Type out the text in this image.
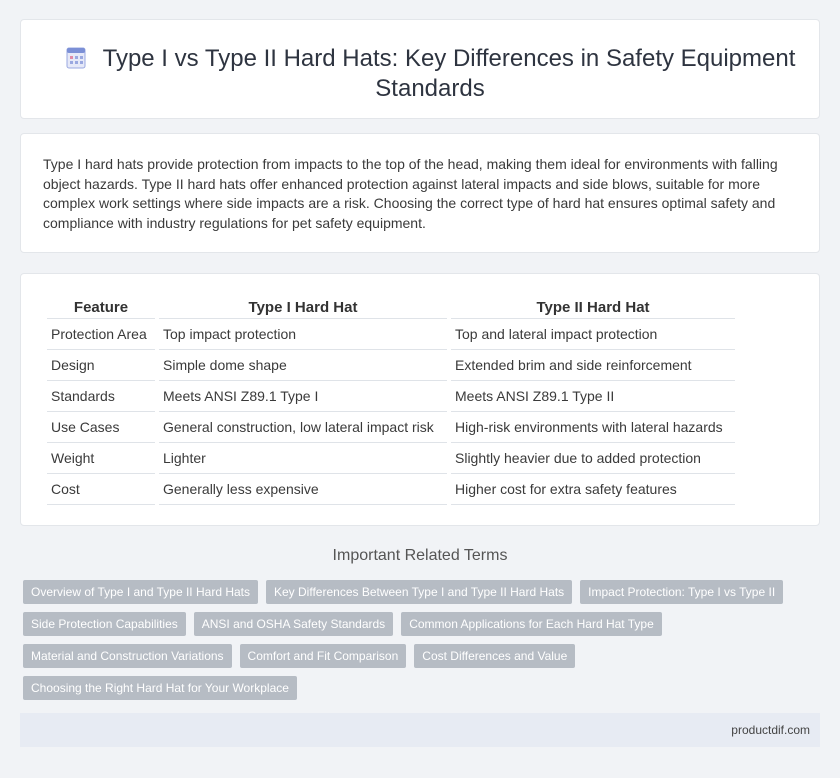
Type I vs Type II Hard Hats: Key Differences in Safety Equipment Standards

Type I hard hats provide protection from impacts to the top of the head, making them ideal for environments with falling object hazards. Type II hard hats offer enhanced protection against lateral impacts and side blows, suitable for more complex work settings where side impacts are a risk. Choosing the correct type of hard hat ensures optimal safety and compliance with industry regulations for pet safety equipment.

Feature	Type I Hard Hat	Type II Hard Hat
Protection Area	Top impact protection	Top and lateral impact protection
Design	Simple dome shape	Extended brim and side reinforcement
Standards	Meets ANSI Z89.1 Type I	Meets ANSI Z89.1 Type II
Use Cases	General construction, low lateral impact risk	High-risk environments with lateral hazards
Weight	Lighter	Slightly heavier due to added protection
Cost	Generally less expensive	Higher cost for extra safety features
Important Related Terms
Overview of Type I and Type II Hard Hats	Key Differences Between Type I and Type II Hard Hats	Impact Protection: Type I vs Type II
Side Protection Capabilities	ANSI and OSHA Safety Standards	Common Applications for Each Hard Hat Type
Material and Construction Variations	Comfort and Fit Comparison	Cost Differences and Value
Choosing the Right Hard Hat for Your Workplace
productdif.com
